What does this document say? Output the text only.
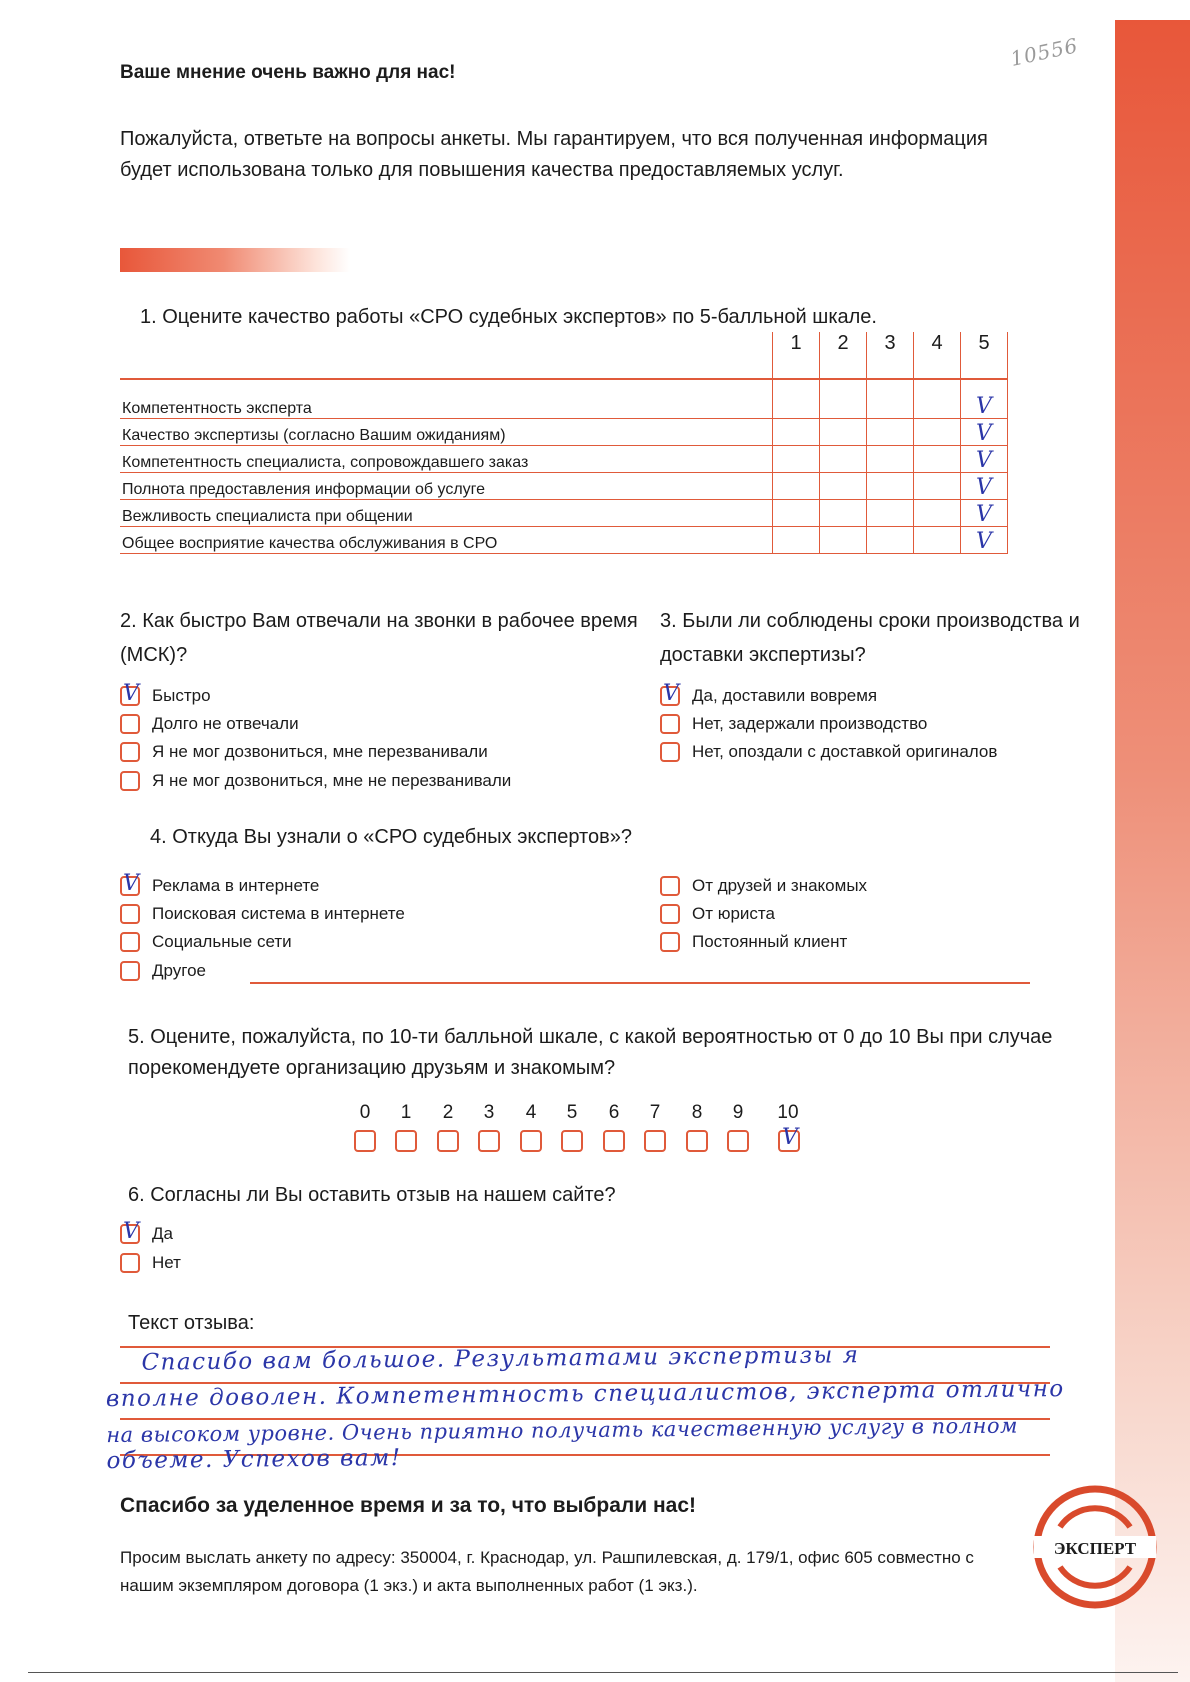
10556
Ваше мнение очень важно для нас!
Пожалуйста, ответьте на вопросы анкеты. Мы гарантируем, что вся полученная информация будет использована только для повышения качества предоставляемых услуг.
1. Оцените качество работы «СРО судебных экспертов» по 5-балльной шкале.
	1	2	3	4	5
Компетентность эксперта					V
Качество экспертизы (согласно Вашим ожиданиям)					V
Компетентность специалиста, сопровождавшего заказ					V
Полнота предоставления информации об услуге					V
Вежливость специалиста при общении					V
Общее восприятие качества обслуживания в СРО					V
2. Как быстро Вам отвечали на звонки в рабочее время (МСК)?
V Быстро
Долго не отвечали
Я не мог дозвониться, мне перезванивали
Я не мог дозвониться, мне не перезванивали
3. Были ли соблюдены сроки производства и доставки экспертизы?
V Да, доставили вовремя
Нет, задержали производство
Нет, опоздали с доставкой оригиналов
4. Откуда Вы узнали о «СРО судебных экспертов»?
V Реклама в интернете
Поисковая система в интернете
Социальные сети
Другое
От друзей и знакомых
От юриста
Постоянный клиент
5. Оцените, пожалуйста, по 10-ти балльной шкале, с какой вероятностью от 0 до 10 Вы при случае порекомендуете организацию друзьям и знакомым?
0	1	2	3	4	5	6	7	8	9	10
V
6. Согласны ли Вы оставить отзыв на нашем сайте?
V Да
Нет
Текст отзыва:
Спасибо вам большое. Результатами экспертизы я
вполне доволен. Компетентность специалистов, эксперта отлично
на высоком уровне. Очень приятно получать качественную услугу в полном
объеме. Успехов вам!
Спасибо за уделенное время и за то, что выбрали нас!
Просим выслать анкету по адресу: 350004, г. Краснодар, ул. Рашпилевская, д. 179/1, офис 605 совместно с нашим экземпляром договора (1 экз.) и акта выполненных работ (1 экз.).
ЭКСПЕРТ
